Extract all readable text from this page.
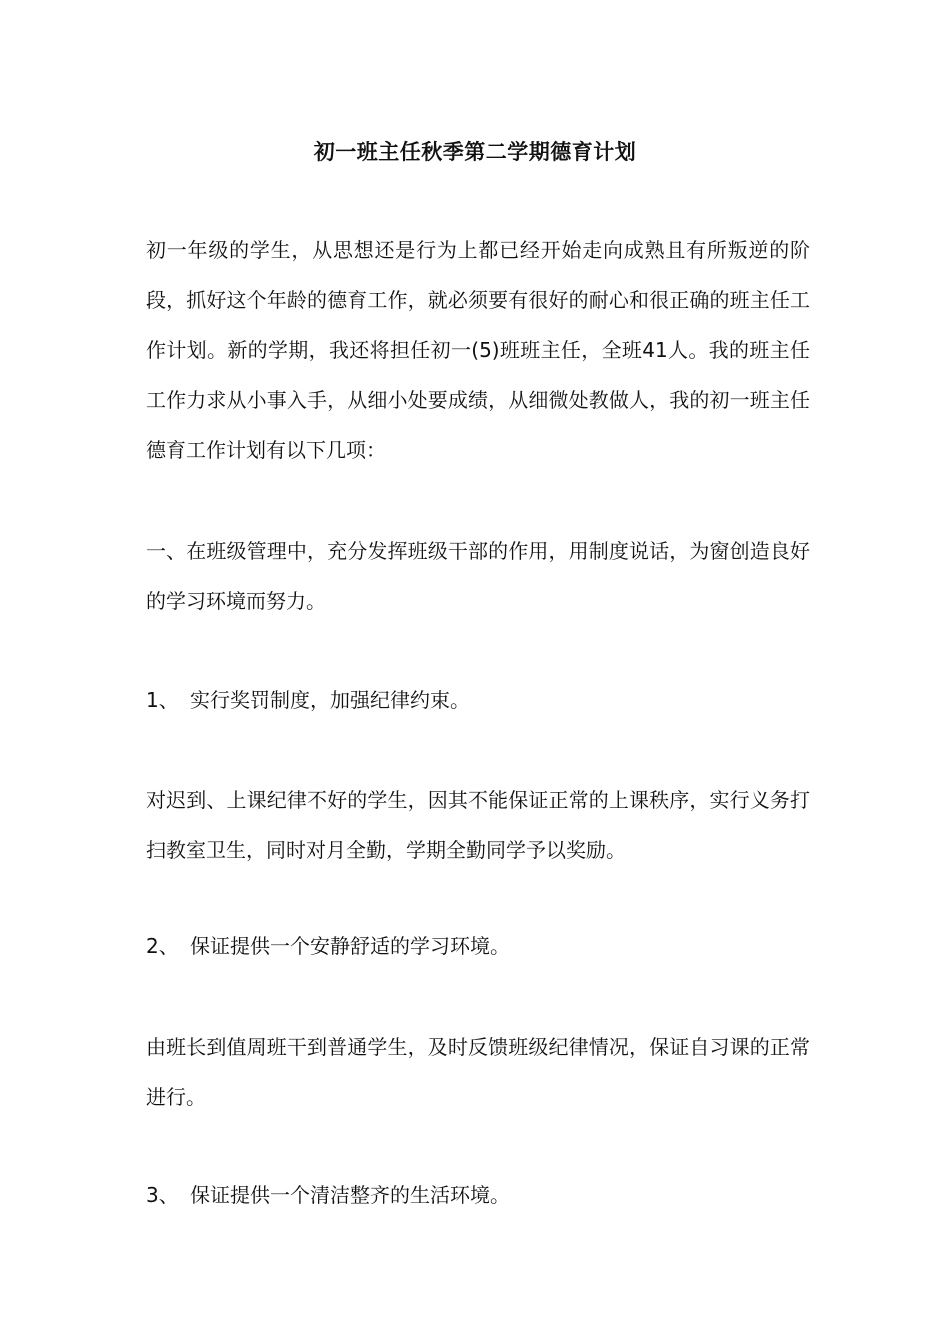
初一班主任秋季第二学期德育计划

初一年级的学生，从思想还是行为上都已经开始走向成熟且有所叛逆的阶段，抓好这个年龄的德育工作，就必须要有很好的耐心和很正确的班主任工作计划。新的学期，我还将担任初一(5)班班主任，全班41人。我的班主任工作力求从小事入手，从细小处要成绩，从细微处教做人，我的初一班主任德育工作计划有以下几项：

一、在班级管理中，充分发挥班级干部的作用，用制度说话，为窗创造良好的学习环境而努力。

1、 实行奖罚制度，加强纪律约束。

对迟到、上课纪律不好的学生，因其不能保证正常的上课秩序，实行义务打扫教室卫生，同时对月全勤，学期全勤同学予以奖励。

2、 保证提供一个安静舒适的学习环境。

由班长到值周班干到普通学生，及时反馈班级纪律情况，保证自习课的正常进行。

3、 保证提供一个清洁整齐的生活环境。
